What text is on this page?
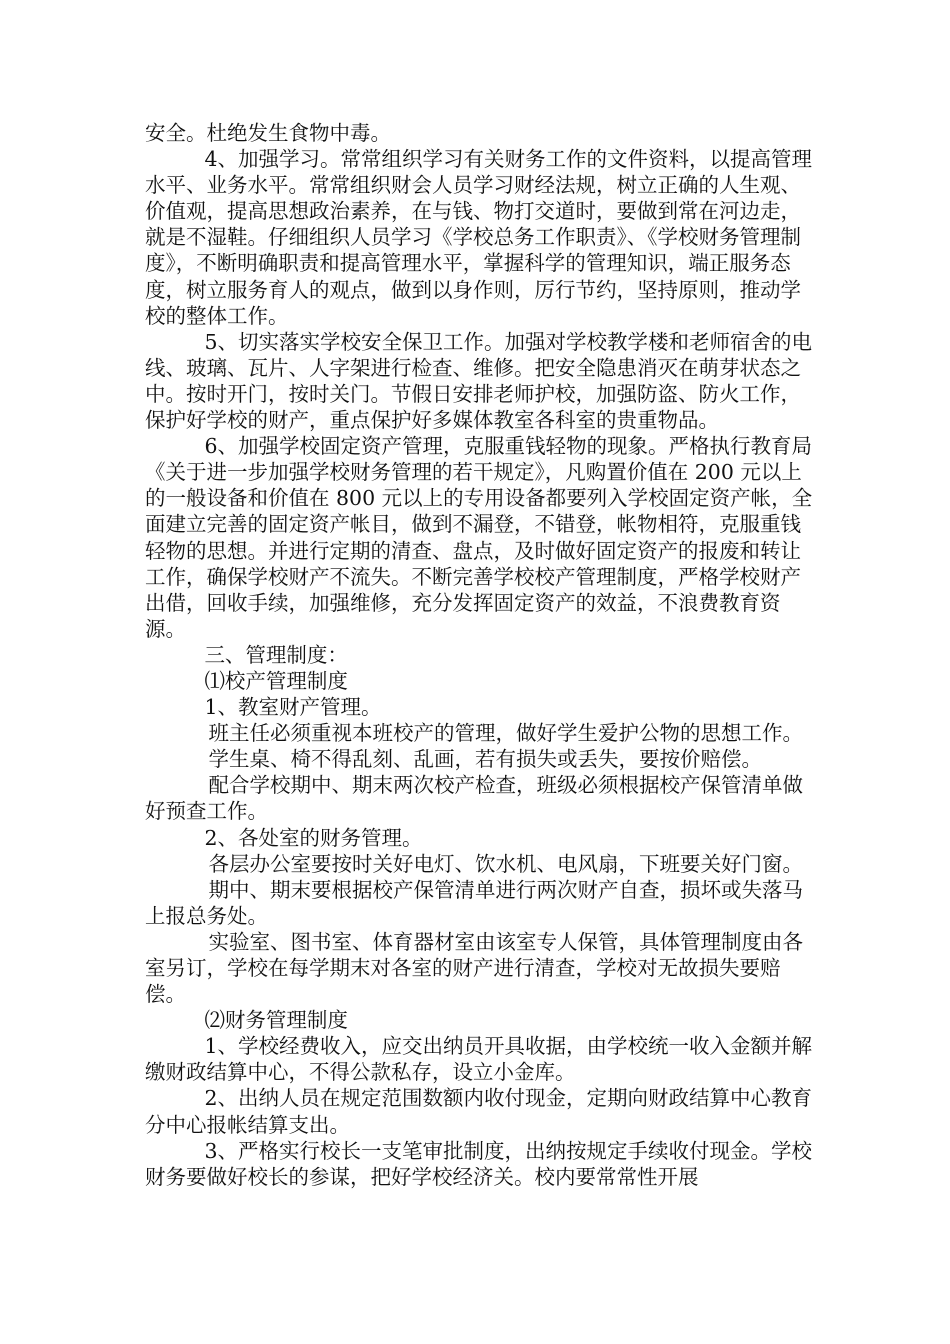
安全。杜绝发生食物中毒。

4、加强学习。常常组织学习有关财务工作的文件资料，以提高管理水平、业务水平。常常组织财会人员学习财经法规，树立正确的人生观、价值观，提高思想政治素养，在与钱、物打交道时，要做到常在河边走，就是不湿鞋。仔细组织人员学习《学校总务工作职责》、《学校财务管理制度》，不断明确职责和提高管理水平，掌握科学的管理知识，端正服务态度，树立服务育人的观点，做到以身作则，厉行节约，坚持原则，推动学校的整体工作。

5、切实落实学校安全保卫工作。加强对学校教学楼和老师宿舍的电线、玻璃、瓦片、人字架进行检查、维修。把安全隐患消灭在萌芽状态之中。按时开门，按时关门。节假日安排老师护校，加强防盗、防火工作，保护好学校的财产，重点保护好多媒体教室各科室的贵重物品。

6、加强学校固定资产管理，克服重钱轻物的现象。严格执行教育局《关于进一步加强学校财务管理的若干规定》，凡购置价值在 200 元以上的一般设备和价值在 800 元以上的专用设备都要列入学校固定资产帐，全面建立完善的固定资产帐目，做到不漏登，不错登，帐物相符，克服重钱轻物的思想。并进行定期的清查、盘点，及时做好固定资产的报废和转让工作，确保学校财产不流失。不断完善学校校产管理制度，严格学校财产出借，回收手续，加强维修，充分发挥固定资产的效益，不浪费教育资源。

三、管理制度：

⑴校产管理制度

1、教室财产管理。

班主任必须重视本班校产的管理，做好学生爱护公物的思想工作。

学生桌、椅不得乱刻、乱画，若有损失或丢失，要按价赔偿。

配合学校期中、期末两次校产检查，班级必须根据校产保管清单做好预查工作。

2、各处室的财务管理。

各层办公室要按时关好电灯、饮水机、电风扇，下班要关好门窗。

期中、期末要根据校产保管清单进行两次财产自查，损坏或失落马上报总务处。

实验室、图书室、体育器材室由该室专人保管，具体管理制度由各室另订，学校在每学期末对各室的财产进行清查，学校对无故损失要赔偿。

⑵财务管理制度

1、学校经费收入，应交出纳员开具收据，由学校统一收入金额并解缴财政结算中心，不得公款私存，设立小金库。

2、出纳人员在规定范围数额内收付现金，定期向财政结算中心教育分中心报帐结算支出。

3、严格实行校长一支笔审批制度，出纳按规定手续收付现金。学校财务要做好校长的参谋，把好学校经济关。校内要常常性开展
